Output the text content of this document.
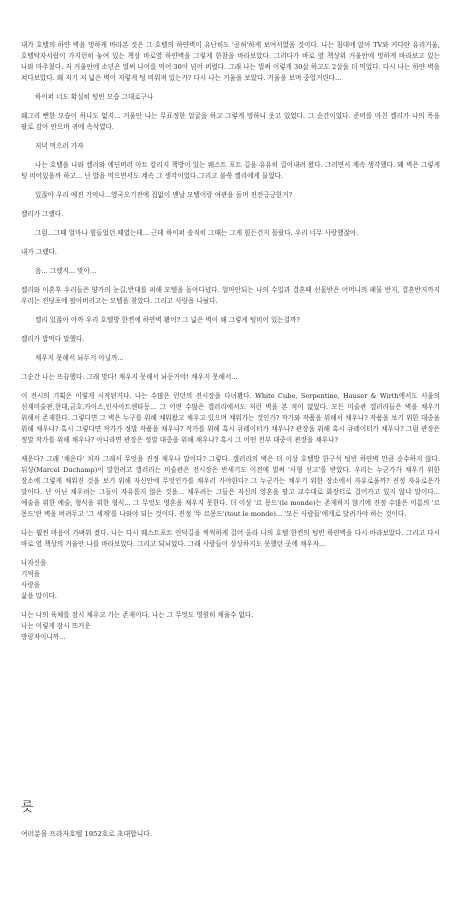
내가 호텔의 하얀 벽을 멍하게 바라본 것은 그 호텔의 하얀벽이 유난히도 '공허'하게 보여서였을 것이다. 나는 침대에 앉아 TV와 커다란 유리거울, 호텔탁자서랍이 가지런히 놓여 있는 책상 바로옆 하얀벽을 그렇게 한참을 바라보았다. 그러다가 바로 옆 책상위 거울안에 멍하게 바라보고 있는 나와 마주쳤다. 저 거울안에 소년은 벌써 나이를 먹어 30이 넘어 버렸다. 그래 나는 벌써 이렇게 30살 하고도 2살을 더 먹었다. 다시 나는 하얀 벽을 쳐다보았다. 왜 저기 저 넓은 벽이 저렇게 텅 비워져 있는가? 다시 나는 거울을 보았다. 거울을 보며 중얼거린다...

하이퍼 너도 확실히 텅빈 모습 그대로구나

왜그리 뻔한 모습이 하나도 없지... 거울안 나는 무표정한 얼굴을 하고 그렇게 멍하니 웃고 있었다. 그 순간이었다. 준비를 마친 켈리가 나의 목을 팔로 감아 안으며 귀에 속삭였다.

저녁 먹으러 가자

나는 호텔을 나와 켈리와 에딘버러 아트 칼리지 책방이 있는 웨스트 포트 길을 유유히 걸어내려 왔다. 그러면서 계속 생각했다. 왜 벽은 그렇게 텅 비어있을까 하고... 난 밥을 먹으면서도 계속 그 생각이었다.그리고 불쑥 켈리에게 물었다.

있잖아 우리 예전 기억나...영국오기전에 집없이 맨날 모텔이랑 여관을 돌며 전전긍긍한거?

켈리가 그랬다.

그럼...그때 얼마나 힘들었던 때였는데... 근데 하이퍼 솔직히 그때는 그게 힘든건지 몰랐다. 우리 너무 사랑했잖아.

내가 그랬다.

음... 그랬지... 맞아...

켈리와 이혼후 우리들은 양가의 눈길,반대를 피해 모텔을 돌아다녔다. 얼마안되는 나의 수입과 결혼때 선물받은 어머니의 패물 반지, 결혼반지까지 우리는 전당포에 팔아버리고는 모텔을 찾았다. 그리고 사랑을 나눴다.

켈리 있잖아 아까 우리 호텔방 한켠에 하얀벽 봤어? 그 넓은 벽이 왜 그렇게 텅비어 있는걸까?

켈리가 밥먹다 말했다.

채우지 못해서 놔두거 아닐까...

그순간 나는 뜨끔했다. 그래 맞다! 채우지 못해서 놔둔거야! 채우지 못해서...

이 전시의 기획은 이렇게 시작된거다. 나는 수많은 런던의 전시장을 다녀봤다. White Cube, Serpentine, Hauser & Wirth에서도 서울의 선재미술관,현대,금호,카이스,인사아트센타등... 그 어떤 수많은 갤러리에서도 저런 벽을 본 적이 없었다. 모든 미술관 갤러리들은 벽을 채우기 위해서 존재한다. 그렇다면 그 벽은 누구를 위해 채워왔고 채우고 있으며 채워가는 것인가? 작가와 작품을 위해서 채우나? 작품을 보기 위한 대중을 위해 채우나? 혹시 그렇다면 작가가 정말 작품을 채우나? 작가를 위해 혹시 큐레이터가 채우나? 관장을 위해 혹시 큐레이터가 채우나? 그럼 관장은 정말 작가를 위해 채우나? 아니라면 관장은 정말 대중을 위해 채우나? 혹시 그 어떤 전부 대중이 관장을 채우나?

채운다? 그래 '채운다' 치자 그래서 무엇을 진정 채우나 말이다? 그렇다. 갤러리의 벽은 더 이상 호텔방 한구석 텅빈 하얀벽 만큼 순수하지 않다. 뒤샹(Marcel Duchamp)이 말헌려고 갤러리는 미술관은 전시장은 반세기도 이전에 벌써 '사형 선고'를 받았다. 우리는 누군가가 채우기 위한 장소에 그렇게 채워진 것을 보기 위해 자신안에 무엇인가를 채우러 가야한다? 그 누군가는 채우기 위한 장소에서 자유로울까? 진정 자유로운가 말이다. 난 아닌 채우려는 그들이 자유롭지 않은 것을... 채우려는 그들은 자신의 영혼을 팔고 교수대로 화장터로 걸어가고 있지 않냐 말이다... 예술을 위한 예술, 형식을 위한 형식... 그 무엇도 영혼을 채우지 못한다. 더 이상 '르 몽드'(le monde)는 존재하지 않기에 진정 수많은 이름의 '르 몽드'란 벽을 버려두고 '그 세계'를 나와야 되는 것이다. 진정 '뚜 르몽드'(tout le monde)... '모든 사람들'에게로 달려가야 하는 것이다.

나는 훨씬 마음이 가벼워 졌다. 나는 다시 웨스트포트 언덕길을 씩씩하게 걸어 올라 나의 호텔 한켠의 텅빈 하얀벽을 다시 바라보았다. 그리고 다시 바로 옆 책상의 거울안 나를 바라보았다. 그리고 되뇌었다. 그래 사람들이 상상하지도 못했던 곳에 채우자...

나자신을
기억을
사랑을
삶을 말이다.

나는 나의 육체를 잠시 채우고 가는 존재이다. 나는 그 무엇도 영원히 채울수 없다.
나는 이렇게 잠시 뜨거운
방랑자이니까...

릇

여러분을 프라자호텔 1952호로 초대합니다.
